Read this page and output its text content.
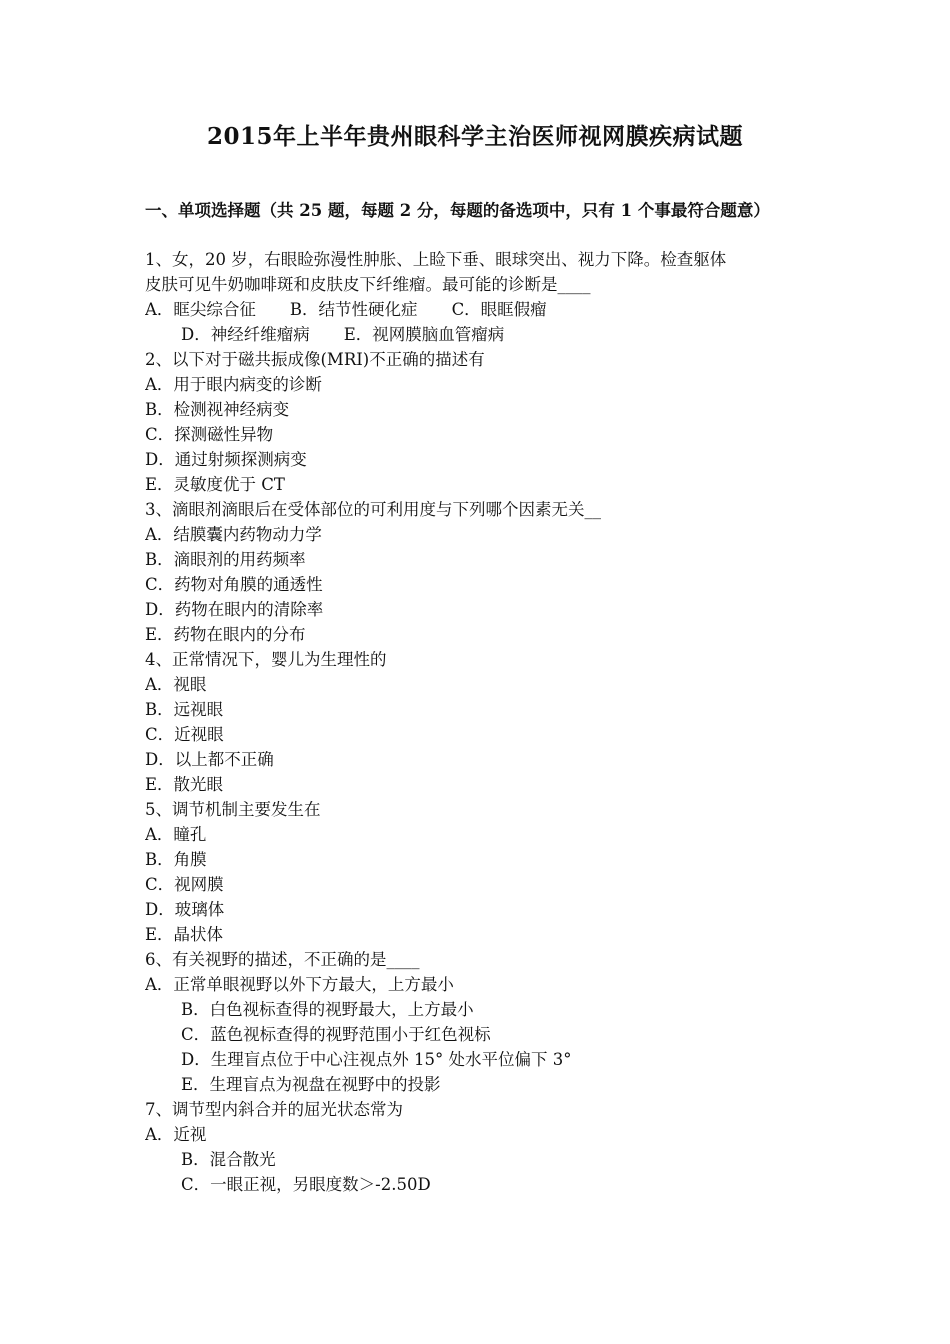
2015年上半年贵州眼科学主治医师视网膜疾病试题
一、单项选择题（共 25 题，每题 2 分，每题的备选项中，只有 1 个事最符合题意）
1、女，20 岁，右眼睑弥漫性肿胀、上睑下垂、眼球突出、视力下降。检查躯体
皮肤可见牛奶咖啡斑和皮肤皮下纤维瘤。最可能的诊断是____
A．眶尖综合征 B．结节性硬化症 C．眼眶假瘤
D．神经纤维瘤病 E．视网膜脑血管瘤病
2、以下对于磁共振成像(MRI)不正确的描述有
A．用于眼内病变的诊断
B．检测视神经病变
C．探测磁性异物
D．通过射频探测病变
E．灵敏度优于 CT
3、滴眼剂滴眼后在受体部位的可利用度与下列哪个因素无关__
A．结膜囊内药物动力学
B．滴眼剂的用药频率
C．药物对角膜的通透性
D．药物在眼内的清除率
E．药物在眼内的分布
4、正常情况下，婴儿为生理性的
A．视眼
B．远视眼
C．近视眼
D．以上都不正确
E．散光眼
5、调节机制主要发生在
A．瞳孔
B．角膜
C．视网膜
D．玻璃体
E．晶状体
6、有关视野的描述，不正确的是____
A．正常单眼视野以外下方最大，上方最小
B．白色视标查得的视野最大，上方最小
C．蓝色视标查得的视野范围小于红色视标
D．生理盲点位于中心注视点外 15° 处水平位偏下 3°
E．生理盲点为视盘在视野中的投影
7、调节型内斜合并的屈光状态常为
A．近视
B．混合散光
C．一眼正视，另眼度数＞-2.50D
